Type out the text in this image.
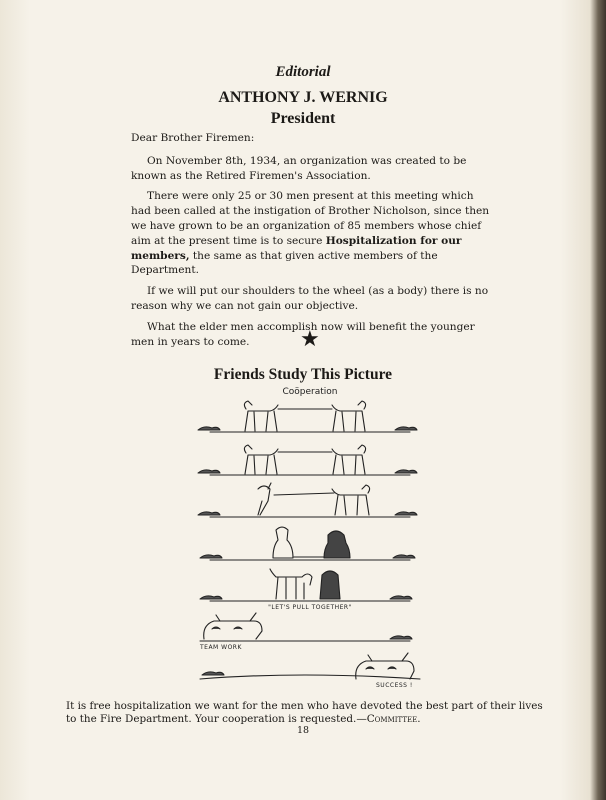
Editorial
ANTHONY J. WERNIG
President

Dear Brother Firemen:

On November 8th, 1934, an organization was created to be known as the Retired Firemen's Association.

There were only 25 or 30 men present at this meeting which had been called at the instigation of Brother Nicholson, since then we have grown to be an organization of 85 members whose chief aim at the present time is to secure Hospitalization for our members, the same as that given active members of the Department.

If we will put our shoulders to the wheel (as a body) there is no reason why we can not gain our objective.

What the elder men accomplish now will benefit the younger men in years to come.	★
Friends Study This Picture
Coöperation
"LET'S PULL TOGETHER"
TEAM WORK
SUCCESS !
It is free hospitalization we want for the men who have devoted the best part of their lives to the Fire Department. Your cooperation is requested.—Committee.
18
